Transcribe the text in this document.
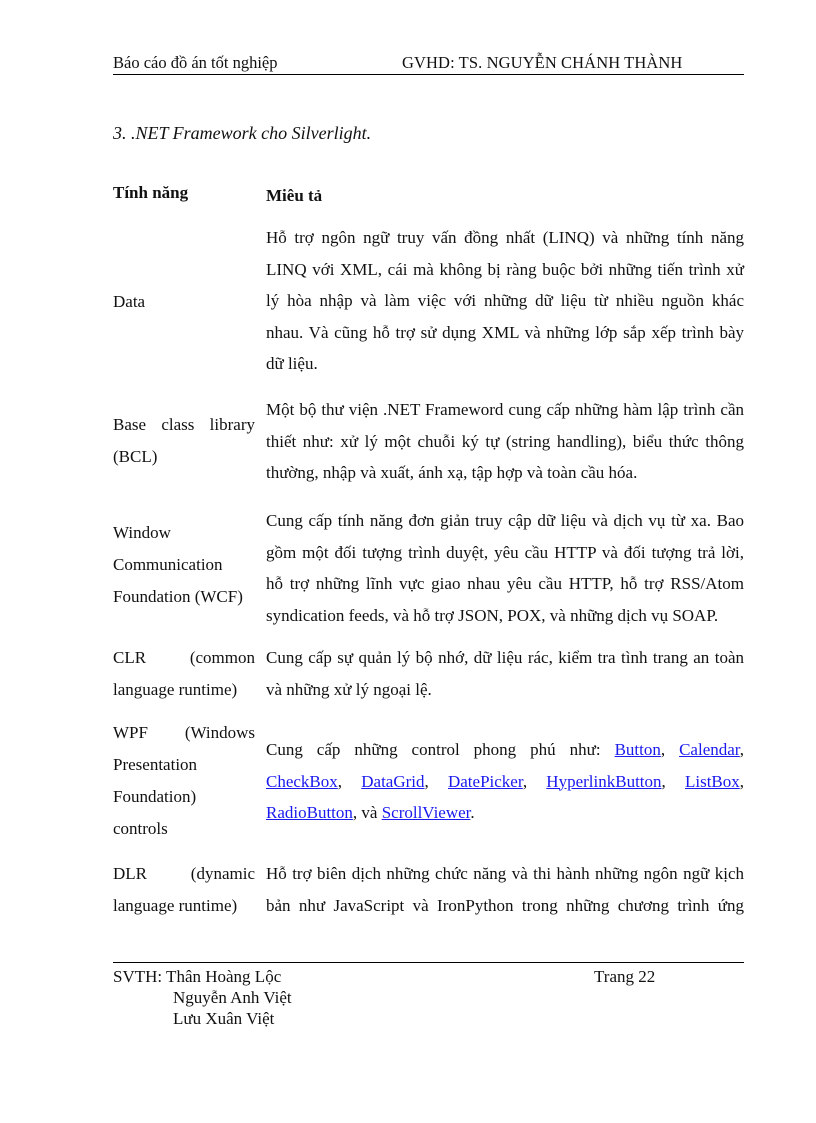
Báo cáo đồ án tốt nghiệp	GVHD: TS. NGUYỄN CHÁNH THÀNH
3. .NET Framework cho Silverlight.
Tính năng	Miêu tả
Data
Hỗ trợ ngôn ngữ truy vấn đồng nhất (LINQ) và những tính năng
LINQ với XML, cái mà không bị ràng buộc bởi những tiến trình xử
lý hòa nhập và làm việc với những dữ liệu từ nhiều nguồn khác
nhau. Và cũng hỗ trợ sử dụng XML và những lớp sắp xếp trình bày
dữ liệu.
Base class library
(BCL)
Một bộ thư viện .NET Frameword cung cấp những hàm lập trình cần
thiết như: xử lý một chuỗi ký tự (string handling), biểu thức thông
thường, nhập và xuất, ánh xạ, tập hợp và toàn cầu hóa.
Window
Communication
Foundation (WCF)
Cung cấp tính năng đơn giản truy cập dữ liệu và dịch vụ từ xa. Bao
gồm một đối tượng trình duyệt, yêu cầu HTTP và đối tượng trả lời,
hỗ trợ những lĩnh vực giao nhau yêu cầu HTTP, hỗ trợ RSS/Atom
syndication feeds, và hỗ trợ JSON, POX, và những dịch vụ SOAP.
CLR (common
language runtime)
Cung cấp sự quản lý bộ nhớ, dữ liệu rác, kiểm tra tình trang an toàn
và những xử lý ngoại lệ.
WPF (Windows
Presentation
Foundation)
controls
Cung cấp những control phong phú như: Button, Calendar,
CheckBox, DataGrid, DatePicker, HyperlinkButton, ListBox,
RadioButton, và ScrollViewer.
DLR (dynamic
language runtime)
Hỗ trợ biên dịch những chức năng và thi hành những ngôn ngữ kịch
bản như JavaScript và IronPython trong những chương trình ứng
SVTH: Thân Hoàng Lộc
Nguyễn Anh Việt
Lưu Xuân Việt
Trang 22
